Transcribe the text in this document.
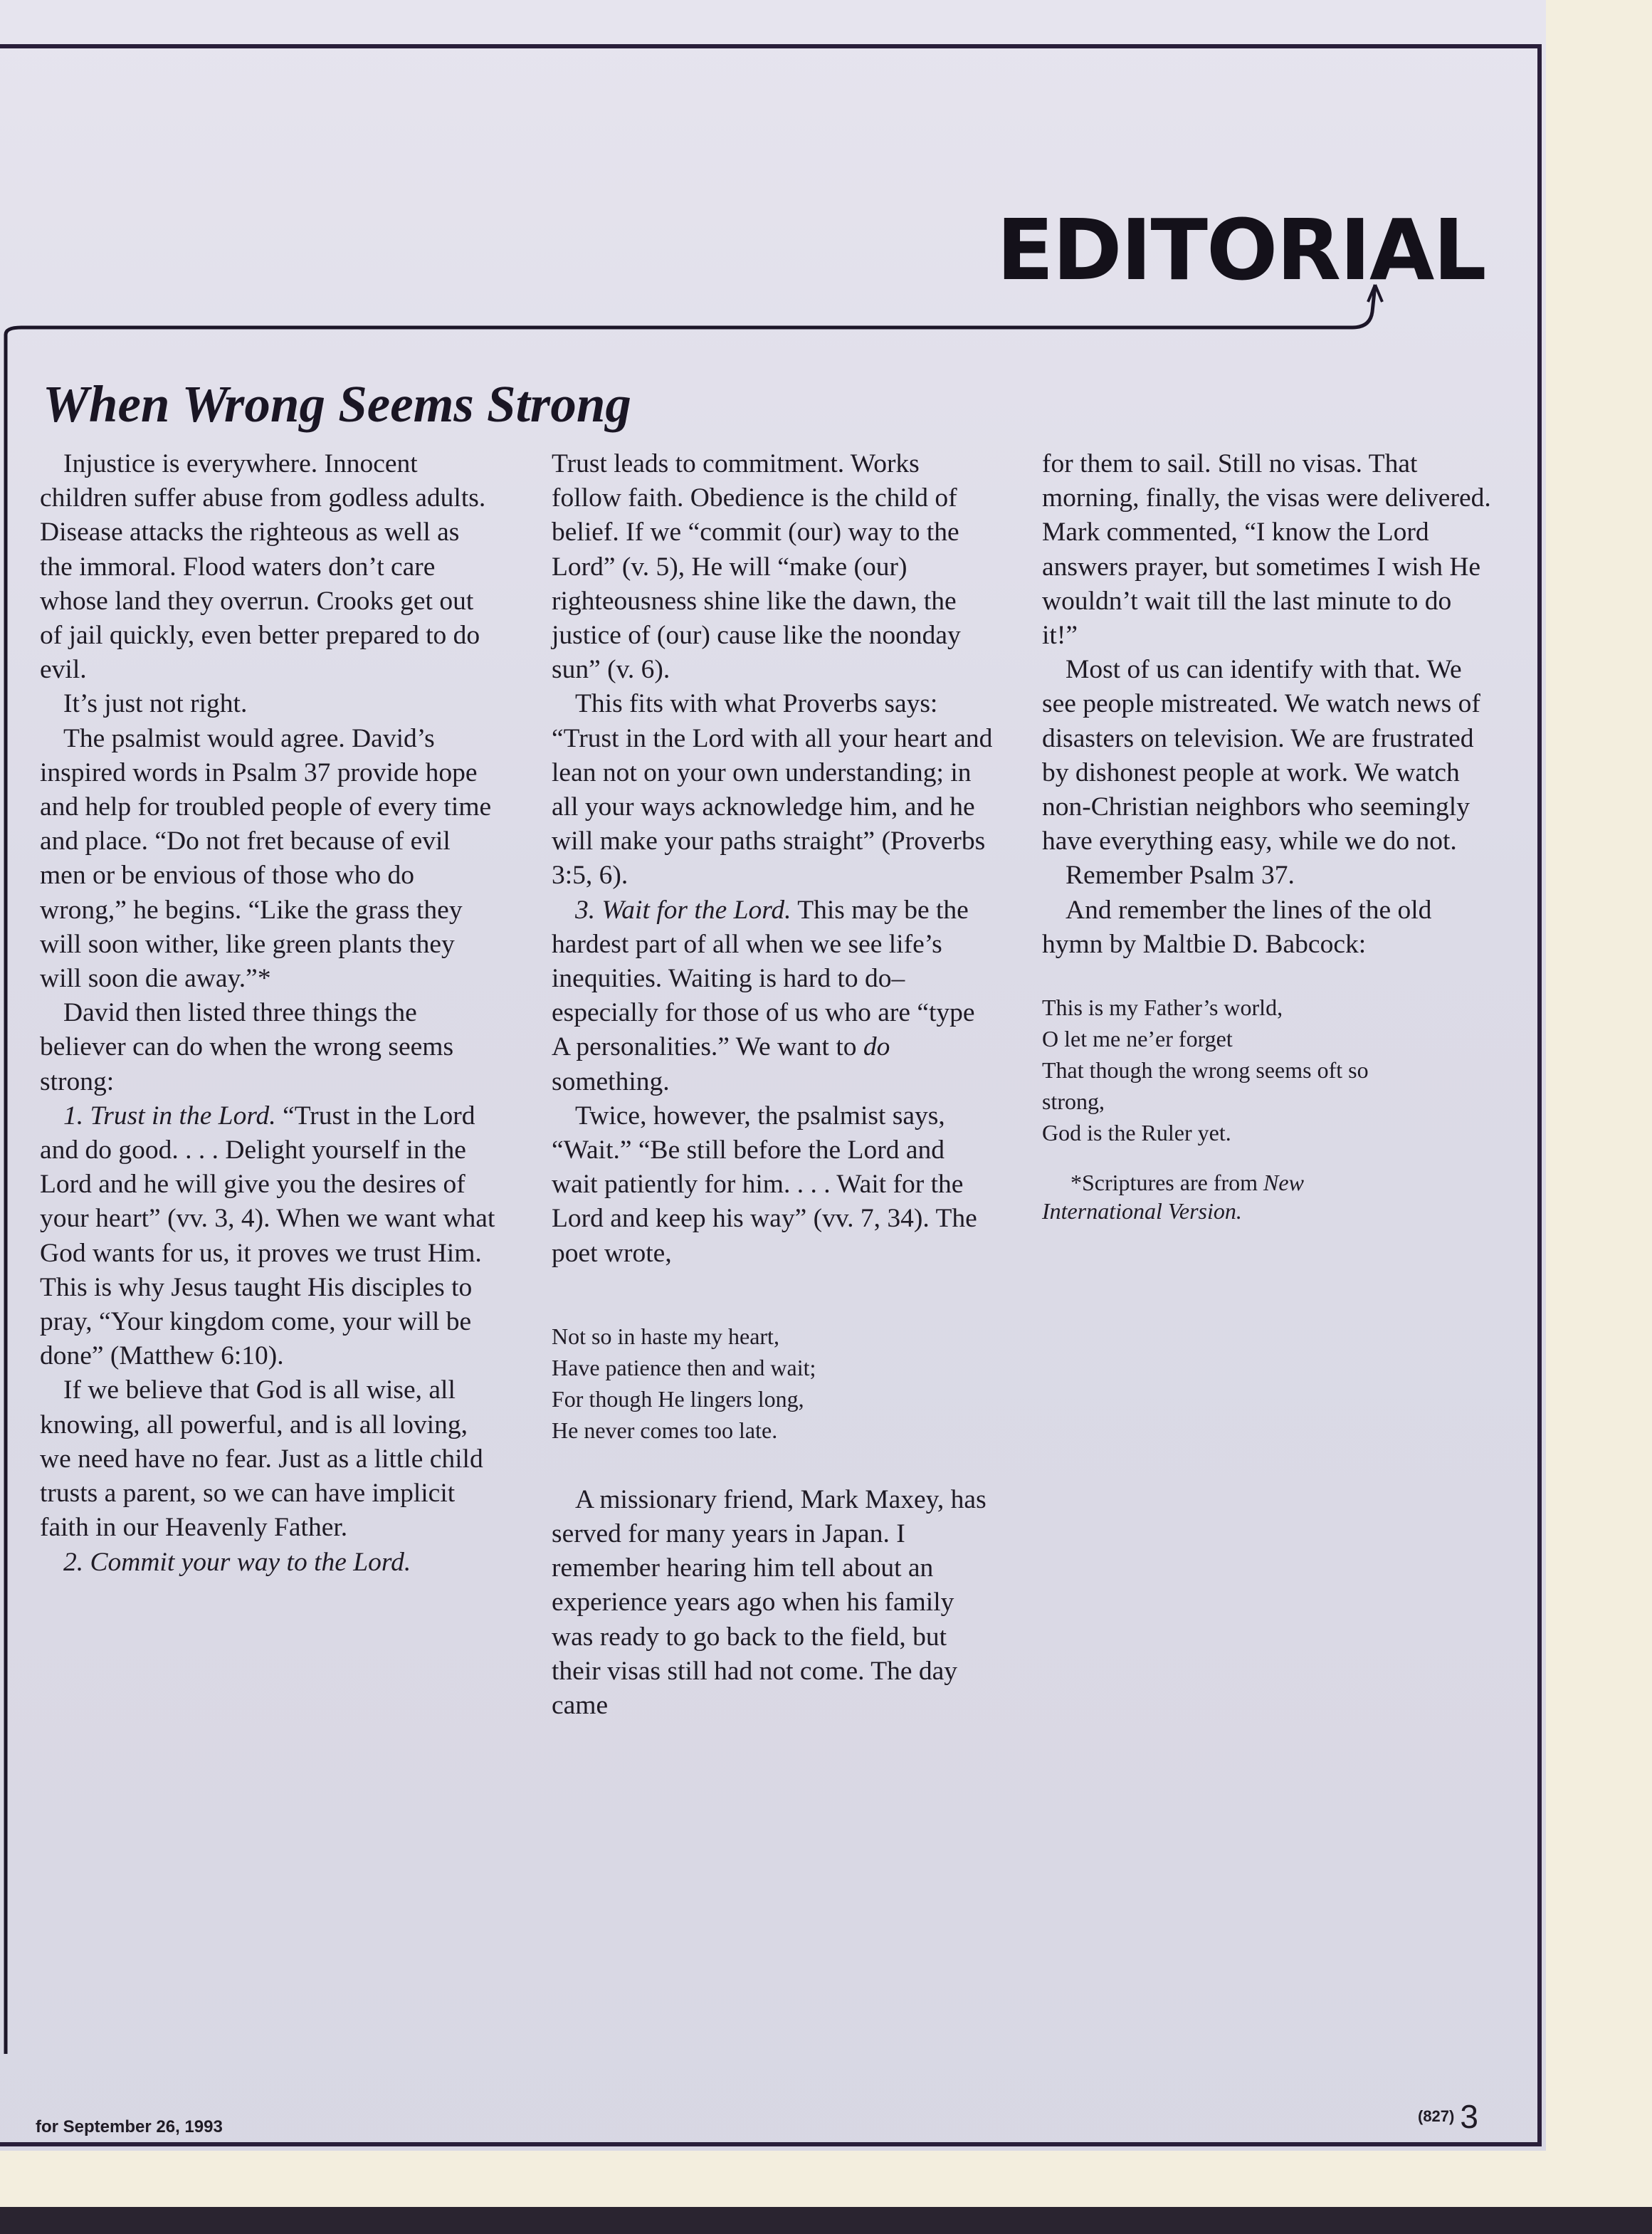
EDITORIAL
When Wrong Seems Strong

Injustice is everywhere. Innocent children suffer abuse from godless adults. Disease attacks the righteous as well as the immoral. Flood waters don’t care whose land they overrun. Crooks get out of jail quickly, even better prepared to do evil.

It’s just not right.

The psalmist would agree. David’s inspired words in Psalm 37 provide hope and help for troubled people of every time and place. “Do not fret because of evil men or be envious of those who do wrong,” he begins. “Like the grass they will soon wither, like green plants they will soon die away.”*

David then listed three things the believer can do when the wrong seems strong:

1. Trust in the Lord. “Trust in the Lord and do good. . . . Delight yourself in the Lord and he will give you the desires of your heart” (vv. 3, 4). When we want what God wants for us, it proves we trust Him. This is why Jesus taught His disciples to pray, “Your kingdom come, your will be done” (Matthew 6:10).

If we believe that God is all wise, all knowing, all powerful, and is all loving, we need have no fear. Just as a little child trusts a parent, so we can have implicit faith in our Heavenly Father.

2. Commit your way to the Lord.

Trust leads to commitment. Works follow faith. Obedience is the child of belief. If we “commit (our) way to the Lord” (v. 5), He will “make (our) righteousness shine like the dawn, the justice of (our) cause like the noonday sun” (v. 6).

This fits with what Proverbs says: “Trust in the Lord with all your heart and lean not on your own understanding; in all your ways acknowledge him, and he will make your paths straight” (Proverbs 3:5, 6).

3. Wait for the Lord. This may be the hardest part of all when we see life’s inequities. Waiting is hard to do–especially for those of us who are “type A personalities.” We want to do something.

Twice, however, the psalmist says, “Wait.” “Be still before the Lord and wait patiently for him. . . . Wait for the Lord and keep his way” (vv. 7, 34). The poet wrote,

Not so in haste my heart,
Have patience then and wait;
For though He lingers long,
He never comes too late.

A missionary friend, Mark Maxey, has served for many years in Japan. I remember hearing him tell about an experience years ago when his family was ready to go back to the field, but their visas still had not come. The day came

for them to sail. Still no visas. That morning, finally, the visas were delivered. Mark commented, “I know the Lord answers prayer, but sometimes I wish He wouldn’t wait till the last minute to do it!”

Most of us can identify with that. We see people mistreated. We watch news of disasters on television. We are frustrated by dishonest people at work. We watch non-Christian neighbors who seemingly have everything easy, while we do not.

Remember Psalm 37.

And remember the lines of the old hymn by Maltbie D. Babcock:

This is my Father’s world,
O let me ne’er forget
That though the wrong seems oft so
strong,
God is the Ruler yet.
*Scriptures are from New
International Version.
for September 26, 1993
(827) 3
